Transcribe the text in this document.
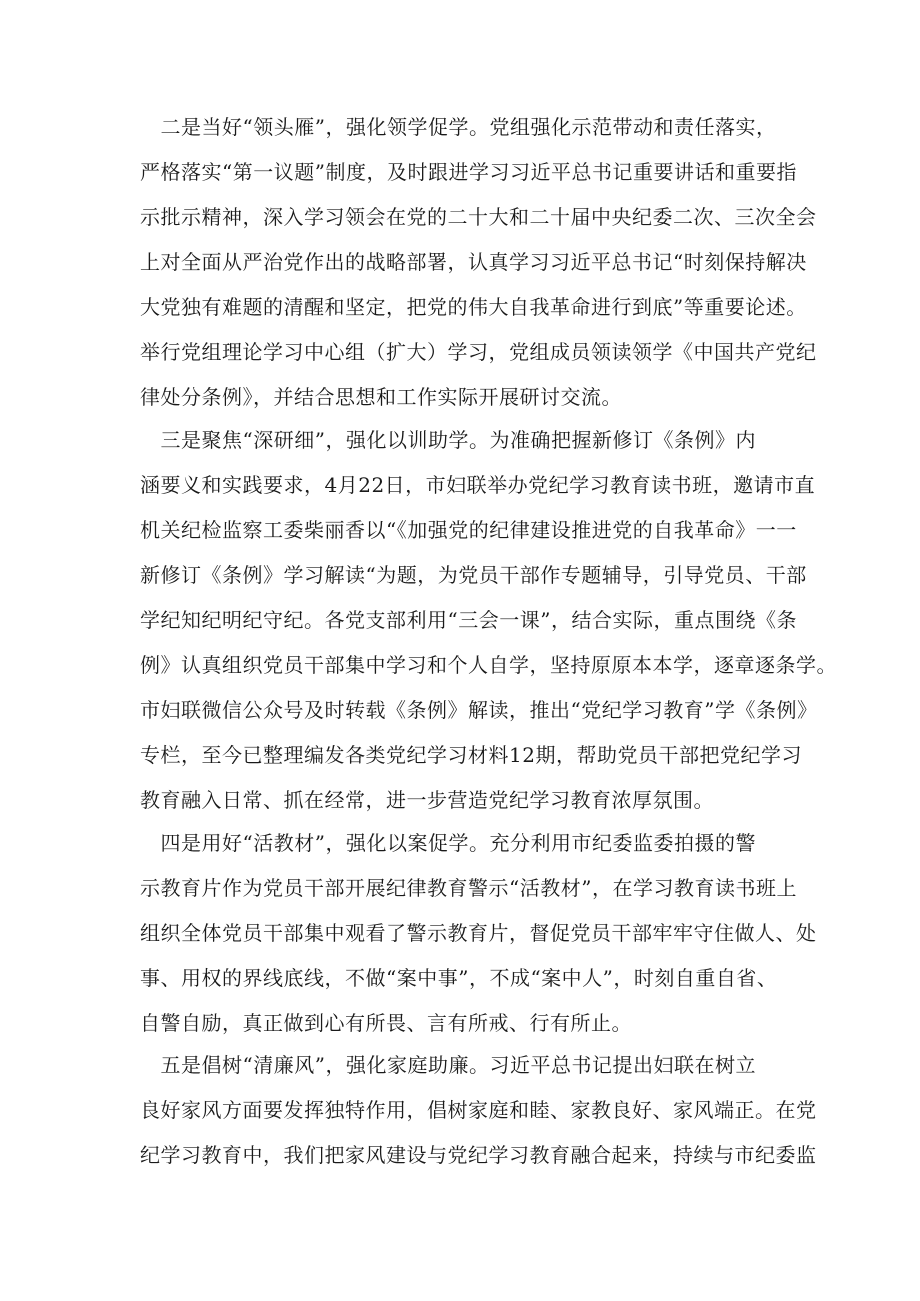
　二是当好“领头雁”，强化领学促学。党组强化示范带动和责任落实，
严格落实“第一议题”制度，及时跟进学习习近平总书记重要讲话和重要指
示批示精神，深入学习领会在党的二十大和二十届中央纪委二次、三次全会
上对全面从严治党作出的战略部署，认真学习习近平总书记“时刻保持解决
大党独有难题的清醒和坚定，把党的伟大自我革命进行到底”等重要论述。
举行党组理论学习中心组（扩大）学习，党组成员领读领学《中国共产党纪
律处分条例》，并结合思想和工作实际开展研讨交流。
　三是聚焦“深研细”，强化以训助学。为准确把握新修订《条例》内
涵要义和实践要求，4月22日，市妇联举办党纪学习教育读书班，邀请市直
机关纪检监察工委柴丽香以“《加强党的纪律建设推进党的自我革命》一一
新修订《条例》学习解读“为题，为党员干部作专题辅导，引导党员、干部
学纪知纪明纪守纪。各党支部利用“三会一课”，结合实际，重点围绕《条
例》认真组织党员干部集中学习和个人自学，坚持原原本本学，逐章逐条学。
市妇联微信公众号及时转载《条例》解读，推出“党纪学习教育”学《条例》
专栏，至今已整理编发各类党纪学习材料12期，帮助党员干部把党纪学习
教育融入日常、抓在经常，进一步营造党纪学习教育浓厚氛围。
　四是用好“活教材”，强化以案促学。充分利用市纪委监委拍摄的警
示教育片作为党员干部开展纪律教育警示“活教材”，在学习教育读书班上
组织全体党员干部集中观看了警示教育片，督促党员干部牢牢守住做人、处
事、用权的界线底线，不做“案中事”，不成“案中人”，时刻自重自省、
自警自励，真正做到心有所畏、言有所戒、行有所止。
　五是倡树“清廉风”，强化家庭助廉。习近平总书记提出妇联在树立
良好家风方面要发挥独特作用，倡树家庭和睦、家教良好、家风端正。在党
纪学习教育中，我们把家风建设与党纪学习教育融合起来，持续与市纪委监
